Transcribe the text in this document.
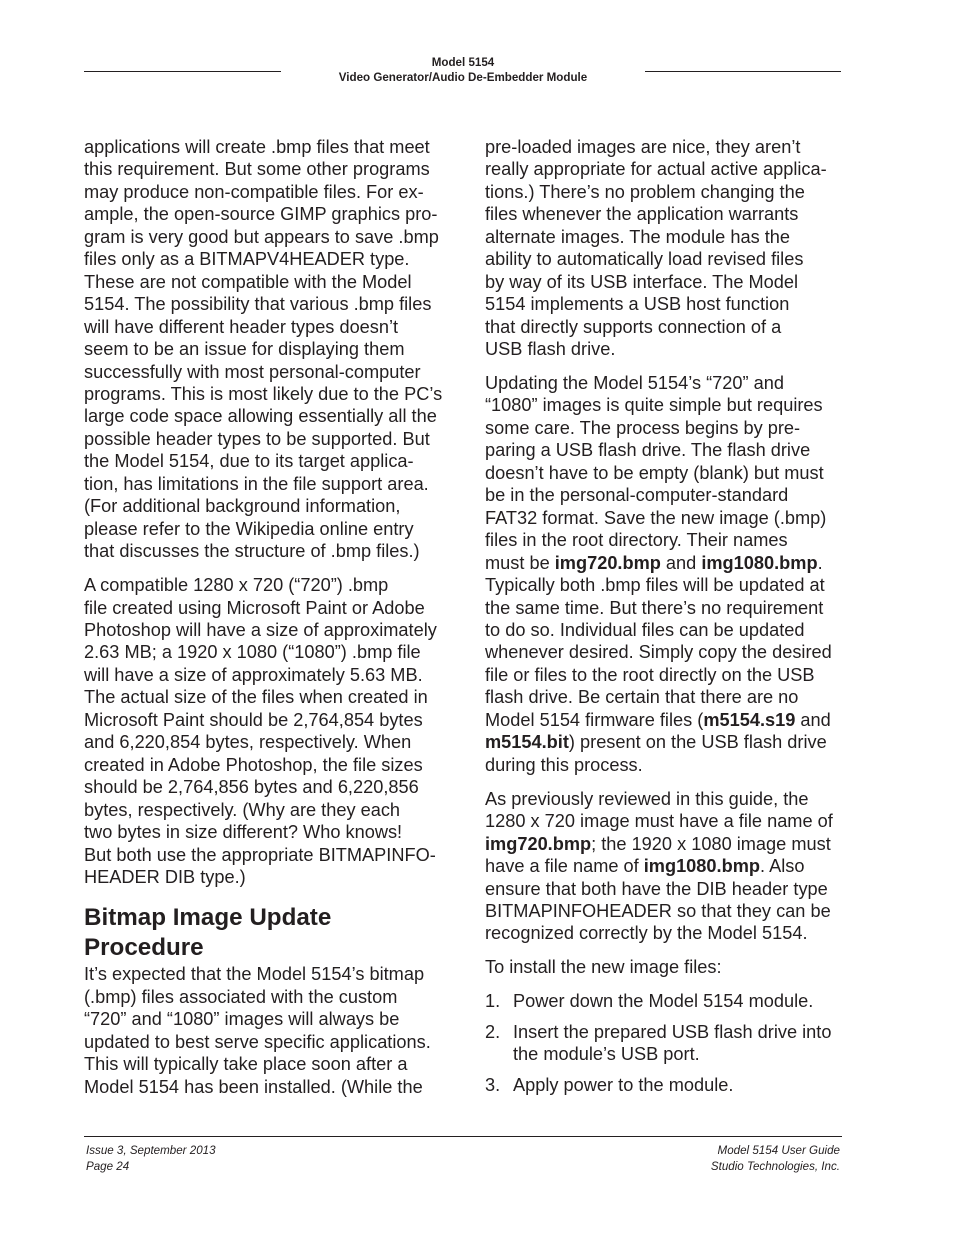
Model 5154
Video Generator/Audio De-Embedder Module

applications will create .bmp files that meet
this requirement. But some other programs
may produce non-compatible files. For ex-
ample, the open-source GIMP graphics pro-
gram is very good but appears to save .bmp
files only as a BITMAPV4HEADER type.
These are not compatible with the Model
5154. The possibility that various .bmp files
will have different header types doesn’t
seem to be an issue for displaying them
successfully with most personal-computer
programs. This is most likely due to the PC’s
large code space allowing essentially all the
possible header types to be supported. But
the Model 5154, due to its target applica-
tion, has limitations in the file support area.
(For additional background information,
please refer to the Wikipedia online entry
that discusses the structure of .bmp files.)

A compatible 1280 x 720 (“720”) .bmp
file created using Microsoft Paint or Adobe
Photoshop will have a size of approximately
2.63 MB; a 1920 x 1080 (“1080”) .bmp file
will have a size of approximately 5.63 MB.
The actual size of the files when created in
Microsoft Paint should be 2,764,854 bytes
and 6,220,854 bytes, respectively. When
created in Adobe Photoshop, the file sizes
should be 2,764,856 bytes and 6,220,856
bytes, respectively. (Why are they each
two bytes in size different? Who knows!
But both use the appropriate BITMAPINFO-
HEADER DIB type.)

Bitmap Image Update
Procedure

It’s expected that the Model 5154’s bitmap
(.bmp) files associated with the custom
“720” and “1080” images will always be
updated to best serve specific applications.
This will typically take place soon after a
Model 5154 has been installed. (While the

pre-loaded images are nice, they aren’t
really appropriate for actual active applica-
tions.) There’s no problem changing the
files whenever the application warrants
alternate images. The module has the
ability to automatically load revised files
by way of its USB interface. The Model
5154 implements a USB host function
that directly supports connection of a
USB flash drive.

Updating the Model 5154’s “720” and
“1080” images is quite simple but requires
some care. The process begins by pre-
paring a USB flash drive. The flash drive
doesn’t have to be empty (blank) but must
be in the personal-computer-standard
FAT32 format. Save the new image (.bmp)
files in the root directory. Their names
must be img720.bmp and img1080.bmp.
Typically both .bmp files will be updated at
the same time. But there’s no requirement
to do so. Individual files can be updated
whenever desired. Simply copy the desired
file or files to the root directly on the USB
flash drive. Be certain that there are no
Model 5154 firmware files (m5154.s19 and
m5154.bit) present on the USB flash drive
during this process.

As previously reviewed in this guide, the
1280 x 720 image must have a file name of
img720.bmp; the 1920 x 1080 image must
have a file name of img1080.bmp. Also
ensure that both have the DIB header type
BITMAPINFOHEADER so that they can be
recognized correctly by the Model 5154.

To install the new image files:

1. Power down the Model 5154 module.
2. Insert the prepared USB flash drive into
the module’s USB port.
3. Apply power to the module.
Issue 3, September 2013
Page 24
Model 5154 User Guide
Studio Technologies, Inc.
